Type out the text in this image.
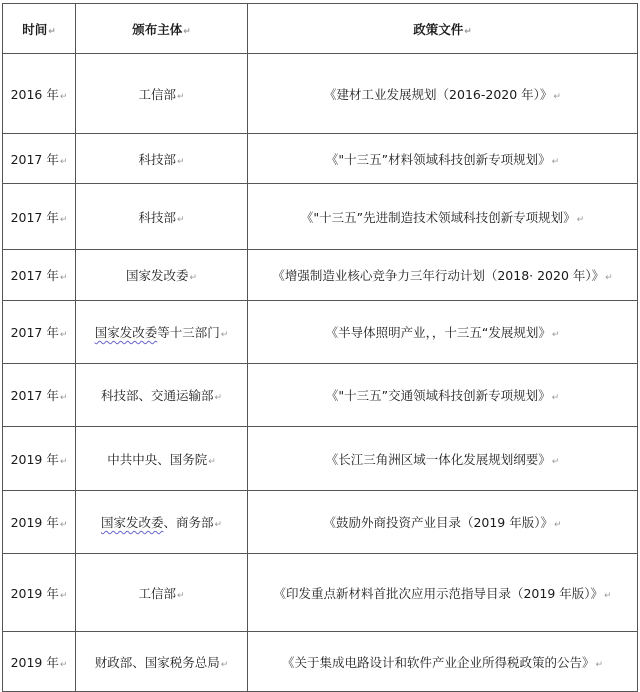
时间↵	颁布主体↵	政策文件↵
2016 年↵	工信部↵	《建材工业发展规划（2016-2020 年）》↵
2017 年↵	科技部↵	《"十三五”材料领域科技创新专项规划》↵
2017 年↵	科技部↵	《"十三五”先进制造技术领域科技创新专项规划》↵
2017 年↵	国家发改委↵	《增强制造业核心竞争力三年行动计划（2018· 2020 年）》↵
2017 年↵	国家发改委等十三部门↵	《半导体照明产业，，十三五“发展规划》↵
2017 年↵	科技部、交通运输部↵	《"十三五”交通领域科技创新专项规划》↵
2019 年↵	中共中央、国务院↵	《长江三角洲区域一体化发展规划纲要》↵
2019 年↵	国家发改委、商务部↵	《鼓励外商投资产业目录（2019 年版）》↵
2019 年↵	工信部↵	《印发重点新材料首批次应用示范指导目录（2019 年版）》↵
2019 年↵	财政部、国家税务总局↵	《关于集成电路设计和软件产业企业所得税政策的公告》↵
